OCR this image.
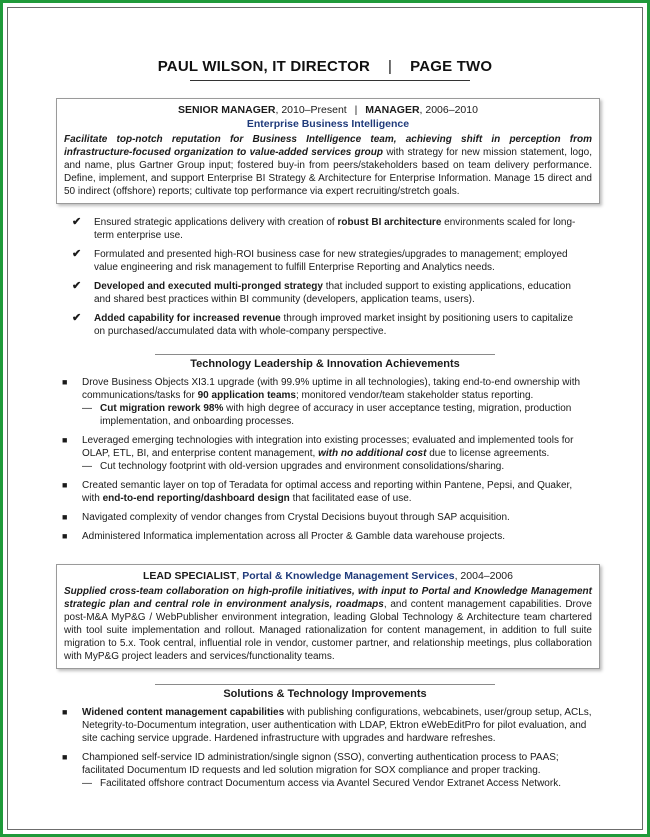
PAUL WILSON, IT DIRECTOR | PAGE TWO
SENIOR MANAGER, 2010–Present | MANAGER, 2006–2010
Enterprise Business Intelligence
Facilitate top-notch reputation for Business Intelligence team, achieving shift in perception from infrastructure-focused organization to value-added services group with strategy for new mission statement, logo, and name, plus Gartner Group input; fostered buy-in from peers/stakeholders based on team delivery performance. Define, implement, and support Enterprise BI Strategy & Architecture for Enterprise Information. Manage 15 direct and 50 indirect (offshore) reports; cultivate top performance via expert recruiting/stretch goals.
✔ Ensured strategic applications delivery with creation of robust BI architecture environments scaled for long-term enterprise use.
✔ Formulated and presented high-ROI business case for new strategies/upgrades to management; employed value engineering and risk management to fulfill Enterprise Reporting and Analytics needs.
✔ Developed and executed multi-pronged strategy that included support to existing applications, education and shared best practices within BI community (developers, application teams, users).
✔ Added capability for increased revenue through improved market insight by positioning users to capitalize on purchased/accumulated data with whole-company perspective.
Technology Leadership & Innovation Achievements
■ Drove Business Objects XI3.1 upgrade (with 99.9% uptime in all technologies), taking end-to-end ownership with communications/tasks for 90 application teams; monitored vendor/team stakeholder status reporting.
— Cut migration rework 98% with high degree of accuracy in user acceptance testing, migration, production implementation, and onboarding processes.
■ Leveraged emerging technologies with integration into existing processes; evaluated and implemented tools for OLAP, ETL, BI, and enterprise content management, with no additional cost due to license agreements.
— Cut technology footprint with old-version upgrades and environment consolidations/sharing.
■ Created semantic layer on top of Teradata for optimal access and reporting within Pantene, Pepsi, and Quaker, with end-to-end reporting/dashboard design that facilitated ease of use.
■ Navigated complexity of vendor changes from Crystal Decisions buyout through SAP acquisition.
■ Administered Informatica implementation across all Procter & Gamble data warehouse projects.
LEAD SPECIALIST, Portal & Knowledge Management Services, 2004–2006
Supplied cross-team collaboration on high-profile initiatives, with input to Portal and Knowledge Management strategic plan and central role in environment analysis, roadmaps, and content management capabilities. Drove post-M&A MyP&G / WebPublisher environment integration, leading Global Technology & Architecture team chartered with tool suite implementation and rollout. Managed rationalization for content management, in addition to full suite migration to 5.x. Took central, influential role in vendor, customer partner, and relationship meetings, plus collaboration with MyP&G project leaders and services/functionality teams.
Solutions & Technology Improvements
■ Widened content management capabilities with publishing configurations, webcabinets, user/group setup, ACLs, Netegrity-to-Documentum integration, user authentication with LDAP, Ektron eWebEditPro for pilot evaluation, and site caching service upgrade. Hardened infrastructure with upgrades and hardware refreshes.
■ Championed self-service ID administration/single signon (SSO), converting authentication process to PAAS; facilitated Documentum ID requests and led solution migration for SOX compliance and proper tracking.
— Facilitated offshore contract Documentum access via Avantel Secured Vendor Extranet Access Network.
